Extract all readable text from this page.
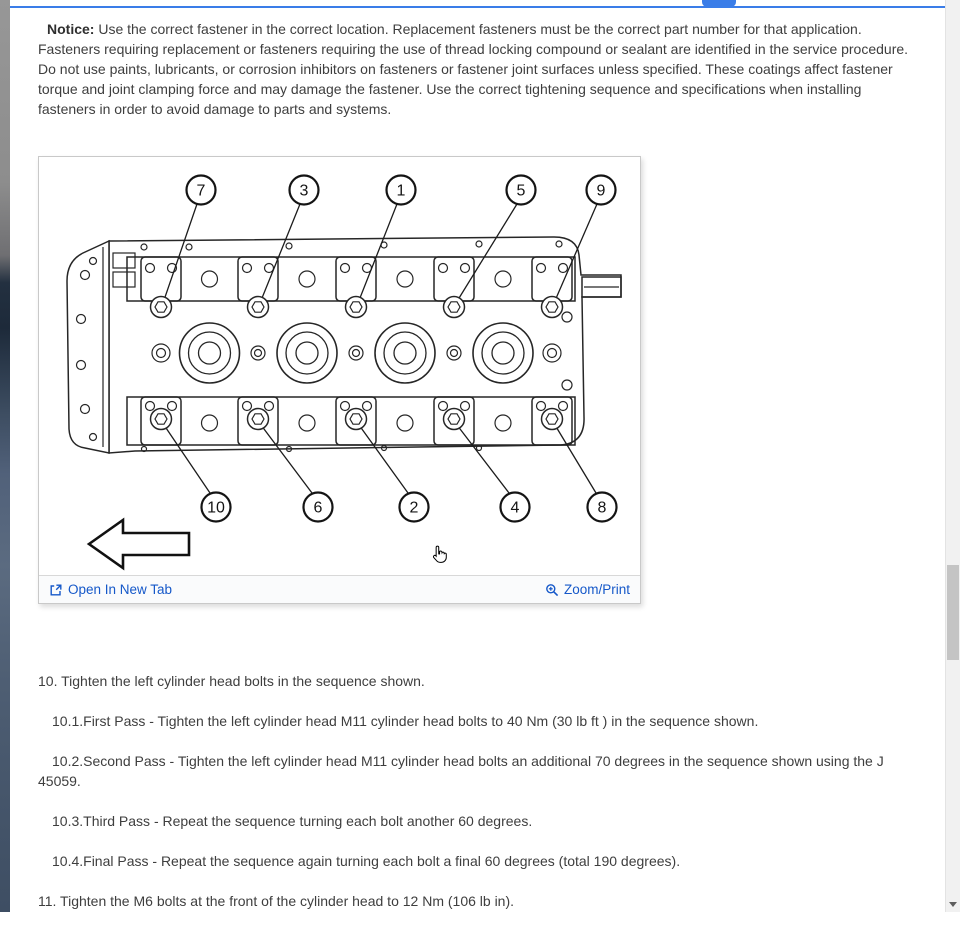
Notice: Use the correct fastener in the correct location. Replacement fasteners must be the correct part number for that application. Fasteners requiring replacement or fasteners requiring the use of thread locking compound or sealant are identified in the service procedure. Do not use paints, lubricants, or corrosion inhibitors on fasteners or fastener joint surfaces unless specified. These coatings affect fastener torque and joint clamping force and may damage the fastener. Use the correct tightening sequence and specifications when installing fasteners in order to avoid damage to parts and systems.

7	3	1	5	9
10	6	2	4	8
Open In New Tab	Zoom/Print

10. Tighten the left cylinder head bolts in the sequence shown.

10.1.First Pass - Tighten the left cylinder head M11 cylinder head bolts to 40 Nm (30 lb ft ) in the sequence shown.

10.2.Second Pass - Tighten the left cylinder head M11 cylinder head bolts an additional 70 degrees in the sequence shown using the J 45059.

10.3.Third Pass - Repeat the sequence turning each bolt another 60 degrees.

10.4.Final Pass - Repeat the sequence again turning each bolt a final 60 degrees (total 190 degrees).

11. Tighten the M6 bolts at the front of the cylinder head to 12 Nm (106 lb in).
